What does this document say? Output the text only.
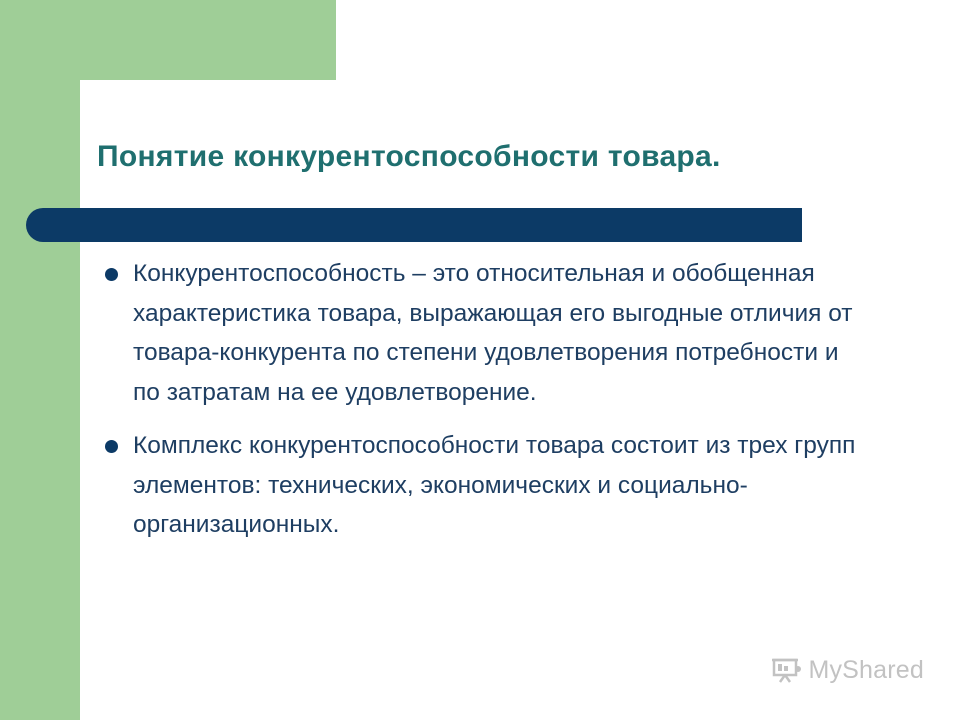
Понятие конкурентоспособности товара.
Конкурентоспособность – это относительная и обобщенная характеристика товара, выражающая его выгодные отличия от товара-конкурента по степени удовлетворения потребности и по затратам на ее удовлетворение.
Комплекс конкурентоспособности товара состоит из трех групп элементов: технических, экономических и социально-организационных.
MyShared
